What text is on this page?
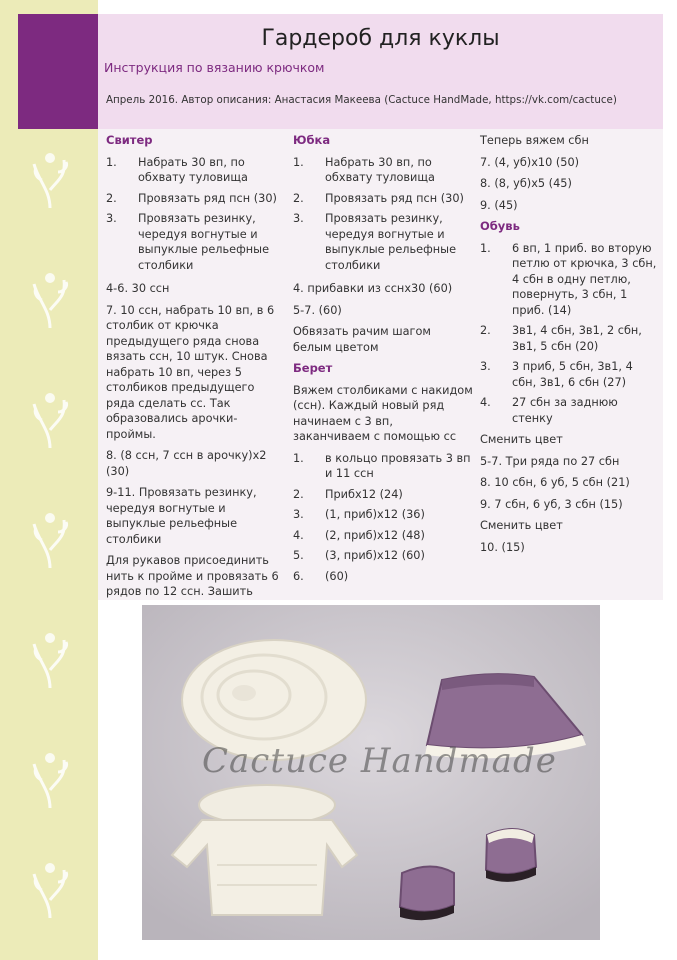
Гардероб для куклы
Инструкция по вязанию крючком
Апрель 2016. Автор описания: Анастасия Макеева (Cactuce HandMade, https://vk.com/cactuce)
Свитер
1.	Набрать 30 вп, по обхвату туловища
2.	Провязать ряд псн (30)
3.	Провязать резинку, чередуя вогнутые и выпуклые рельефные столбики
4-6. 30 ссн
7. 10 ссн, набрать 10 вп, в 6 столбик от крючка предыдущего ряда снова вязать ссн, 10 штук. Снова набрать 10 вп, через 5 столбиков предыдущего ряда сделать сс. Так образовались арочки-проймы.
8. (8 ссн, 7 ссн в арочку)х2 (30)
9-11. Провязать резинку, чередуя вогнутые и выпуклые рельефные столбики
Для рукавов присоединить нить к пройме и провязать 6 рядов по 12 ссн. Зашить
Юбка
1.	Набрать 30 вп, по обхвату туловища
2.	Провязать ряд псн (30)
3.	Провязать резинку, чередуя вогнутые и выпуклые рельефные столбики
4. прибавки из сснх30 (60)
5-7. (60)
Обвязать рачим шагом белым цветом
Берет
Вяжем столбиками с накидом (ссн). Каждый новый ряд начинаем с 3 вп, заканчиваем с помощью сс
1.	в кольцо провязать 3 вп и 11 ссн
2.	Прибх12 (24)
3.	(1, приб)х12 (36)
4.	(2, приб)х12 (48)
5.	(3, приб)х12 (60)
6.	(60)
Теперь вяжем сбн
7. (4, уб)х10 (50)
8. (8, уб)х5 (45)
9. (45)
Обувь
1.	6 вп, 1 приб. во вторую петлю от крючка, 3 сбн, 4 сбн в одну петлю, повернуть, 3 сбн, 1 приб. (14)
2.	3в1, 4 сбн, 3в1, 2 сбн, 3в1, 5 сбн (20)
3.	3 приб, 5 сбн, 3в1, 4 сбн, 3в1, 6 сбн (27)
4.	27 сбн за заднюю стенку
Сменить цвет
5-7. Три ряда по 27 сбн
8. 10 сбн, 6 уб, 5 сбн (21)
9. 7 сбн, 6 уб, 3 сбн (15)
Сменить цвет
10. (15)
Cactuce Handmade
